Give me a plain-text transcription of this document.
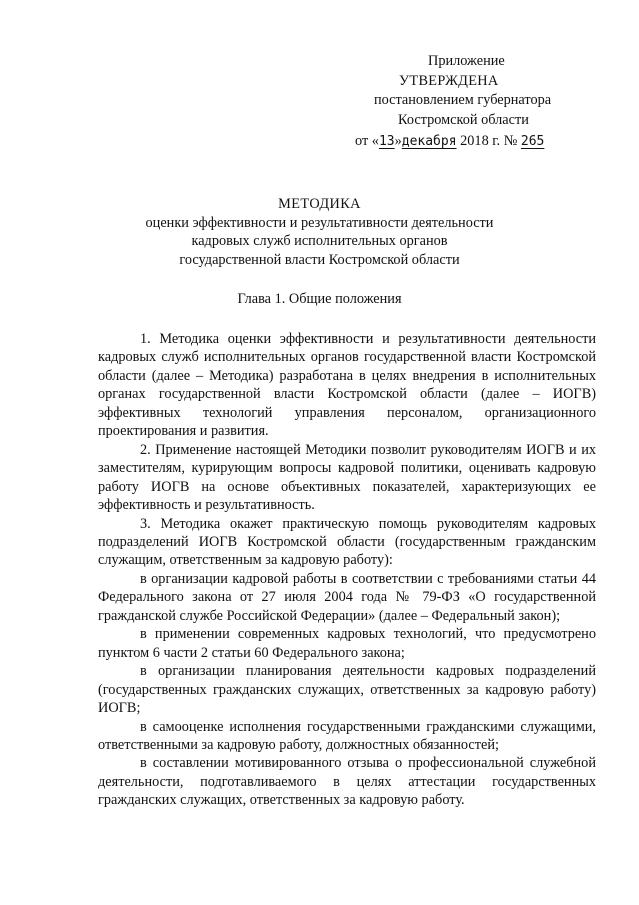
Приложение
УТВЕРЖДЕНА
постановлением губернатора
Костромской области
от «13»декабря 2018 г. № 265
МЕТОДИКА
оценки эффективности и результативности деятельности
кадровых служб исполнительных органов
государственной власти Костромской области
Глава 1. Общие положения

1. Методика оценки эффективности и результативности деятельности кадровых служб исполнительных органов государственной власти Костромской области (далее – Методика) разработана в целях внедрения в исполнительных органах государственной власти Костромской области (далее – ИОГВ) эффективных технологий управления персоналом, организационного проектирования и развития.

2. Применение настоящей Методики позволит руководителям ИОГВ и их заместителям, курирующим вопросы кадровой политики, оценивать кадровую работу ИОГВ на основе объективных показателей, характеризующих ее эффективность и результативность.

3. Методика окажет практическую помощь руководителям кадровых подразделений ИОГВ Костромской области (государственным гражданским служащим, ответственным за кадровую работу):

в организации кадровой работы в соответствии с требованиями статьи 44 Федерального закона от 27 июля 2004 года № 79-ФЗ «О государственной гражданской службе Российской Федерации» (далее – Федеральный закон);

в применении современных кадровых технологий, что предусмотрено пунктом 6 части 2 статьи 60 Федерального закона;

в организации планирования деятельности кадровых подразделений (государственных гражданских служащих, ответственных за кадровую работу) ИОГВ;

в самооценке исполнения государственными гражданскими служащими, ответственными за кадровую работу, должностных обязанностей;

в составлении мотивированного отзыва о профессиональной служебной деятельности, подготавливаемого в целях аттестации государственных гражданских служащих, ответственных за кадровую работу.
